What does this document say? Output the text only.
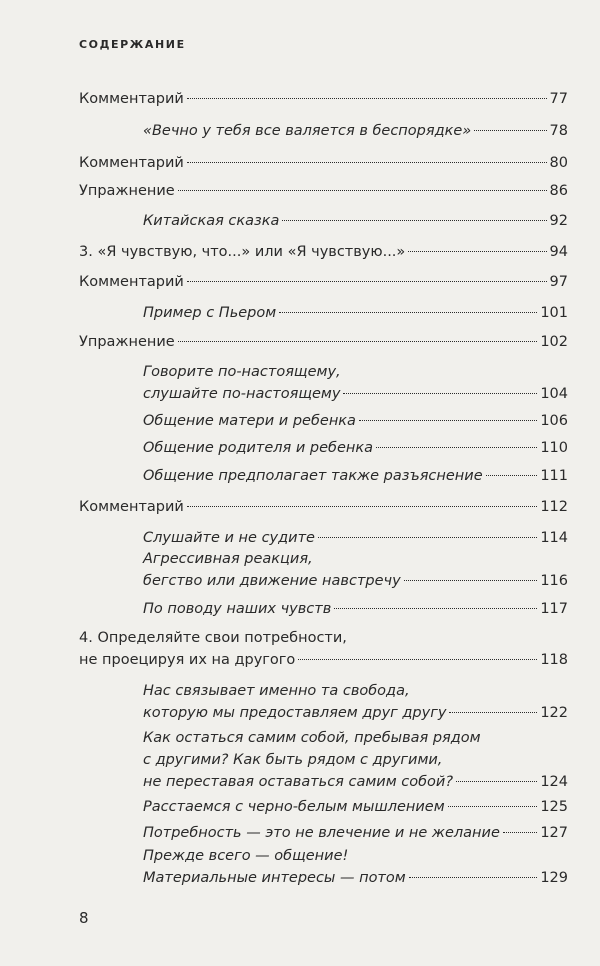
СОДЕРЖАНИЕ
Комментарий	77
«Вечно у тебя все валяется в беспорядке»	78
Комментарий	80
Упражнение	86
Китайская сказка	92
3. «Я чувствую, что...» или «Я чувствую...»	94
Комментарий	97
Пример с Пьером	101
Упражнение	102
Говорите по-настоящему,
слушайте по-настоящему	104
Общение матери и ребенка	106
Общение родителя и ребенка	110
Общение предполагает также разъяснение	111
Комментарий	112
Слушайте и не судите	114
Агрессивная реакция,
бегство или движение навстречу	116
По поводу наших чувств	117
4. Определяйте свои потребности,
не проецируя их на другого	118
Нас связывает именно та свобода,
которую мы предоставляем друг другу	122
Как остаться самим собой, пребывая рядом
с другими? Как быть рядом с другими,
не переставая оставаться самим собой?	124
Расстаемся с черно-белым мышлением	125
Потребность — это не влечение и не желание	127
Прежде всего — общение!
Материальные интересы — потом	129
8
